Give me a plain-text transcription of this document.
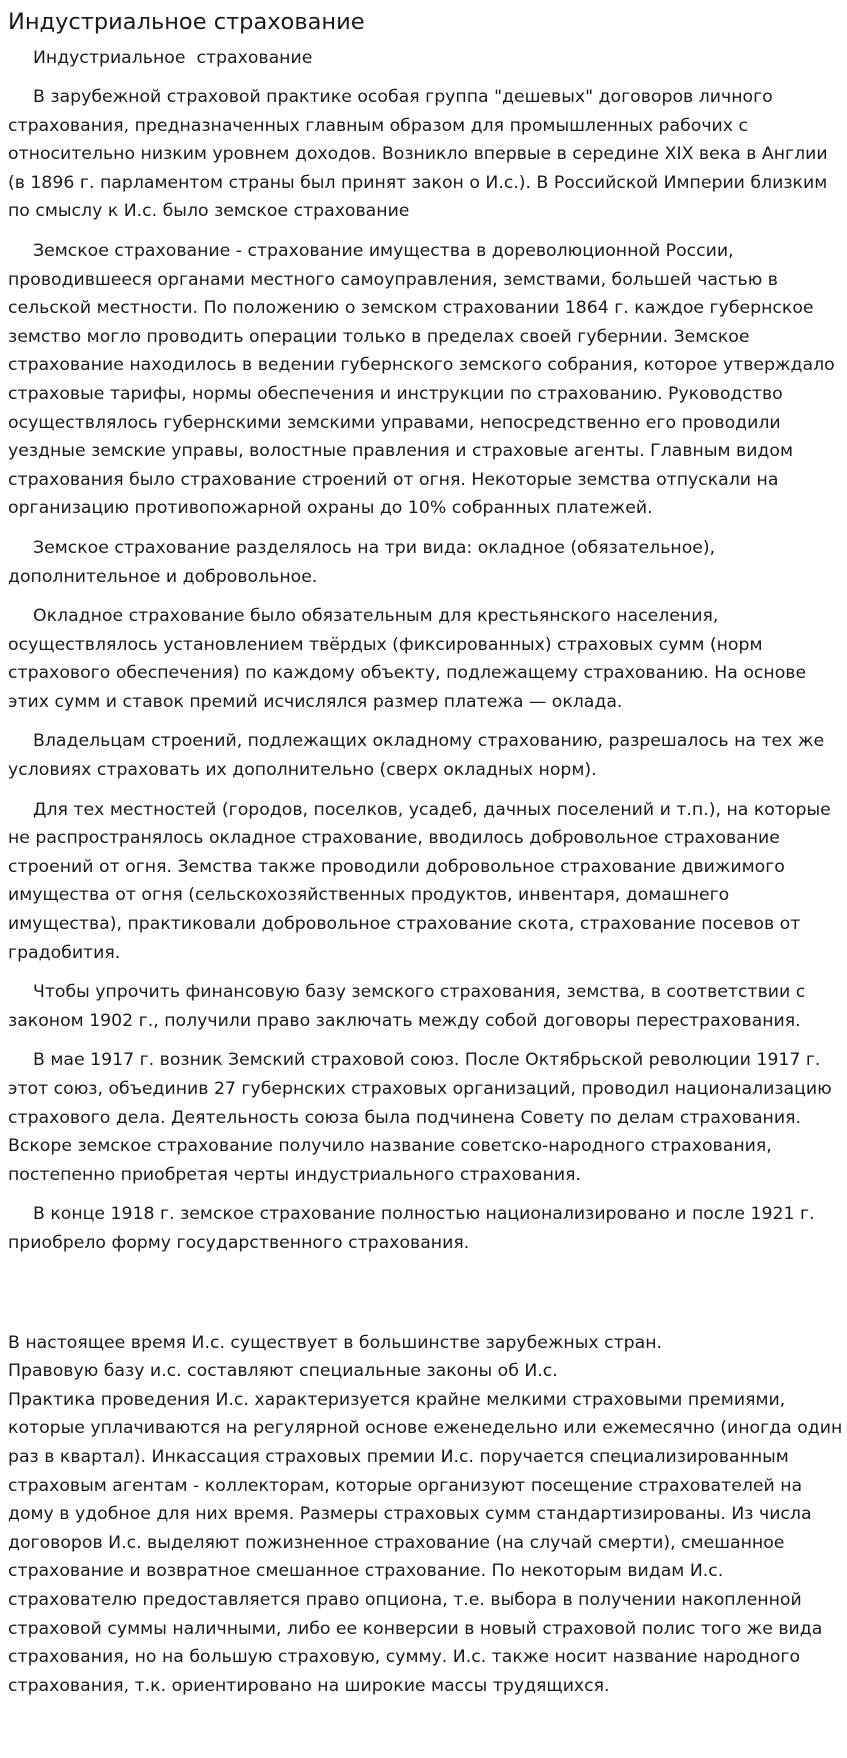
Индустриальное страхование
Индустриальное  страхование

В зарубежной страховой практике особая группа "дешевых" договоров личного страхования, предназначенных главным образом для промышленных рабочих с относительно низким уровнем доходов. Возникло впервые в середине XIX века в Англии (в 1896 г. парламентом страны был принят закон о И.с.). В Российской Империи близким по смыслу к И.с. было земское страхование

Земское страхование - страхование имущества в дореволюционной России, проводившееся органами местного самоуправления, земствами, большей частью в сельской местности. По положению о земском страховании 1864 г. каждое губернское земство могло проводить операции только в пределах своей губернии. Земское страхование находилось в ведении губернского земского собрания, которое утверждало страховые тарифы, нормы обеспечения и инструкции по страхованию. Руководство осуществлялось губернскими земскими управами, непосредственно его проводили уездные земские управы, волостные правления и страховые агенты. Главным видом страхования было страхование строений от огня. Некоторые земства отпускали на организацию противопожарной охраны до 10% собранных платежей.

Земское страхование разделялось на три вида: окладное (обязательное), дополнительное и добровольное.

Окладное страхование было обязательным для крестьянского населения, осуществлялось установлением твёрдых (фиксированных) страховых сумм (норм страхового обеспечения) по каждому объекту, подлежащему страхованию. На основе этих сумм и ставок премий исчислялся размер платежа — оклада.

Владельцам строений, подлежащих окладному страхованию, разрешалось на тех же условиях страховать их дополнительно (сверх окладных норм).

Для тех местностей (городов, поселков, усадеб, дачных поселений и т.п.), на которые не распространялось окладное страхование, вводилось добровольное страхование строений от огня. Земства также проводили добровольное страхование движимого имущества от огня (сельскохозяйственных продуктов, инвентаря, домашнего имущества), практиковали добровольное страхование скота, страхование посевов от градобития.

Чтобы упрочить финансовую базу земского страхования, земства, в соответствии с законом 1902 г., получили право заключать между собой договоры перестрахования.

В мае 1917 г. возник Земский страховой союз. После Октябрьской революции 1917 г. этот союз, объединив 27 губернских страховых организаций, проводил национализацию страхового дела. Деятельность союза была подчинена Совету по делам страхования. Вскоре земское страхование получило название советско-народного страхования, постепенно приобретая черты индустриального страхования.

В конце 1918 г. земское страхование полностью национализировано и после 1921 г. приобрело форму государственного страхования.

В настоящее время И.с. существует в большинстве зарубежных стран.
Правовую базу и.с. составляют специальные законы об И.с.
Практика проведения И.с. характеризуется крайне мелкими страховыми премиями, которые уплачиваются на регулярной основе еженедельно или ежемесячно (иногда один раз в квартал). Инкассация страховых премии И.с. поручается специализированным страховым агентам - коллекторам, которые организуют посещение страхователей на дому в удобное для них время. Размеры страховых сумм стандартизированы. Из числа договоров И.с. выделяют пожизненное страхование (на случай смерти), смешанное страхование и возвратное смешанное страхование. По некоторым видам И.с. страхователю предоставляется право опциона, т.е. выбора в получении накопленной страховой суммы наличными, либо ее конверсии в новый страховой полис того же вида страхования, но на большую страховую, сумму. И.с. также носит название народного страхования, т.к. ориентировано на широкие массы трудящихся.
